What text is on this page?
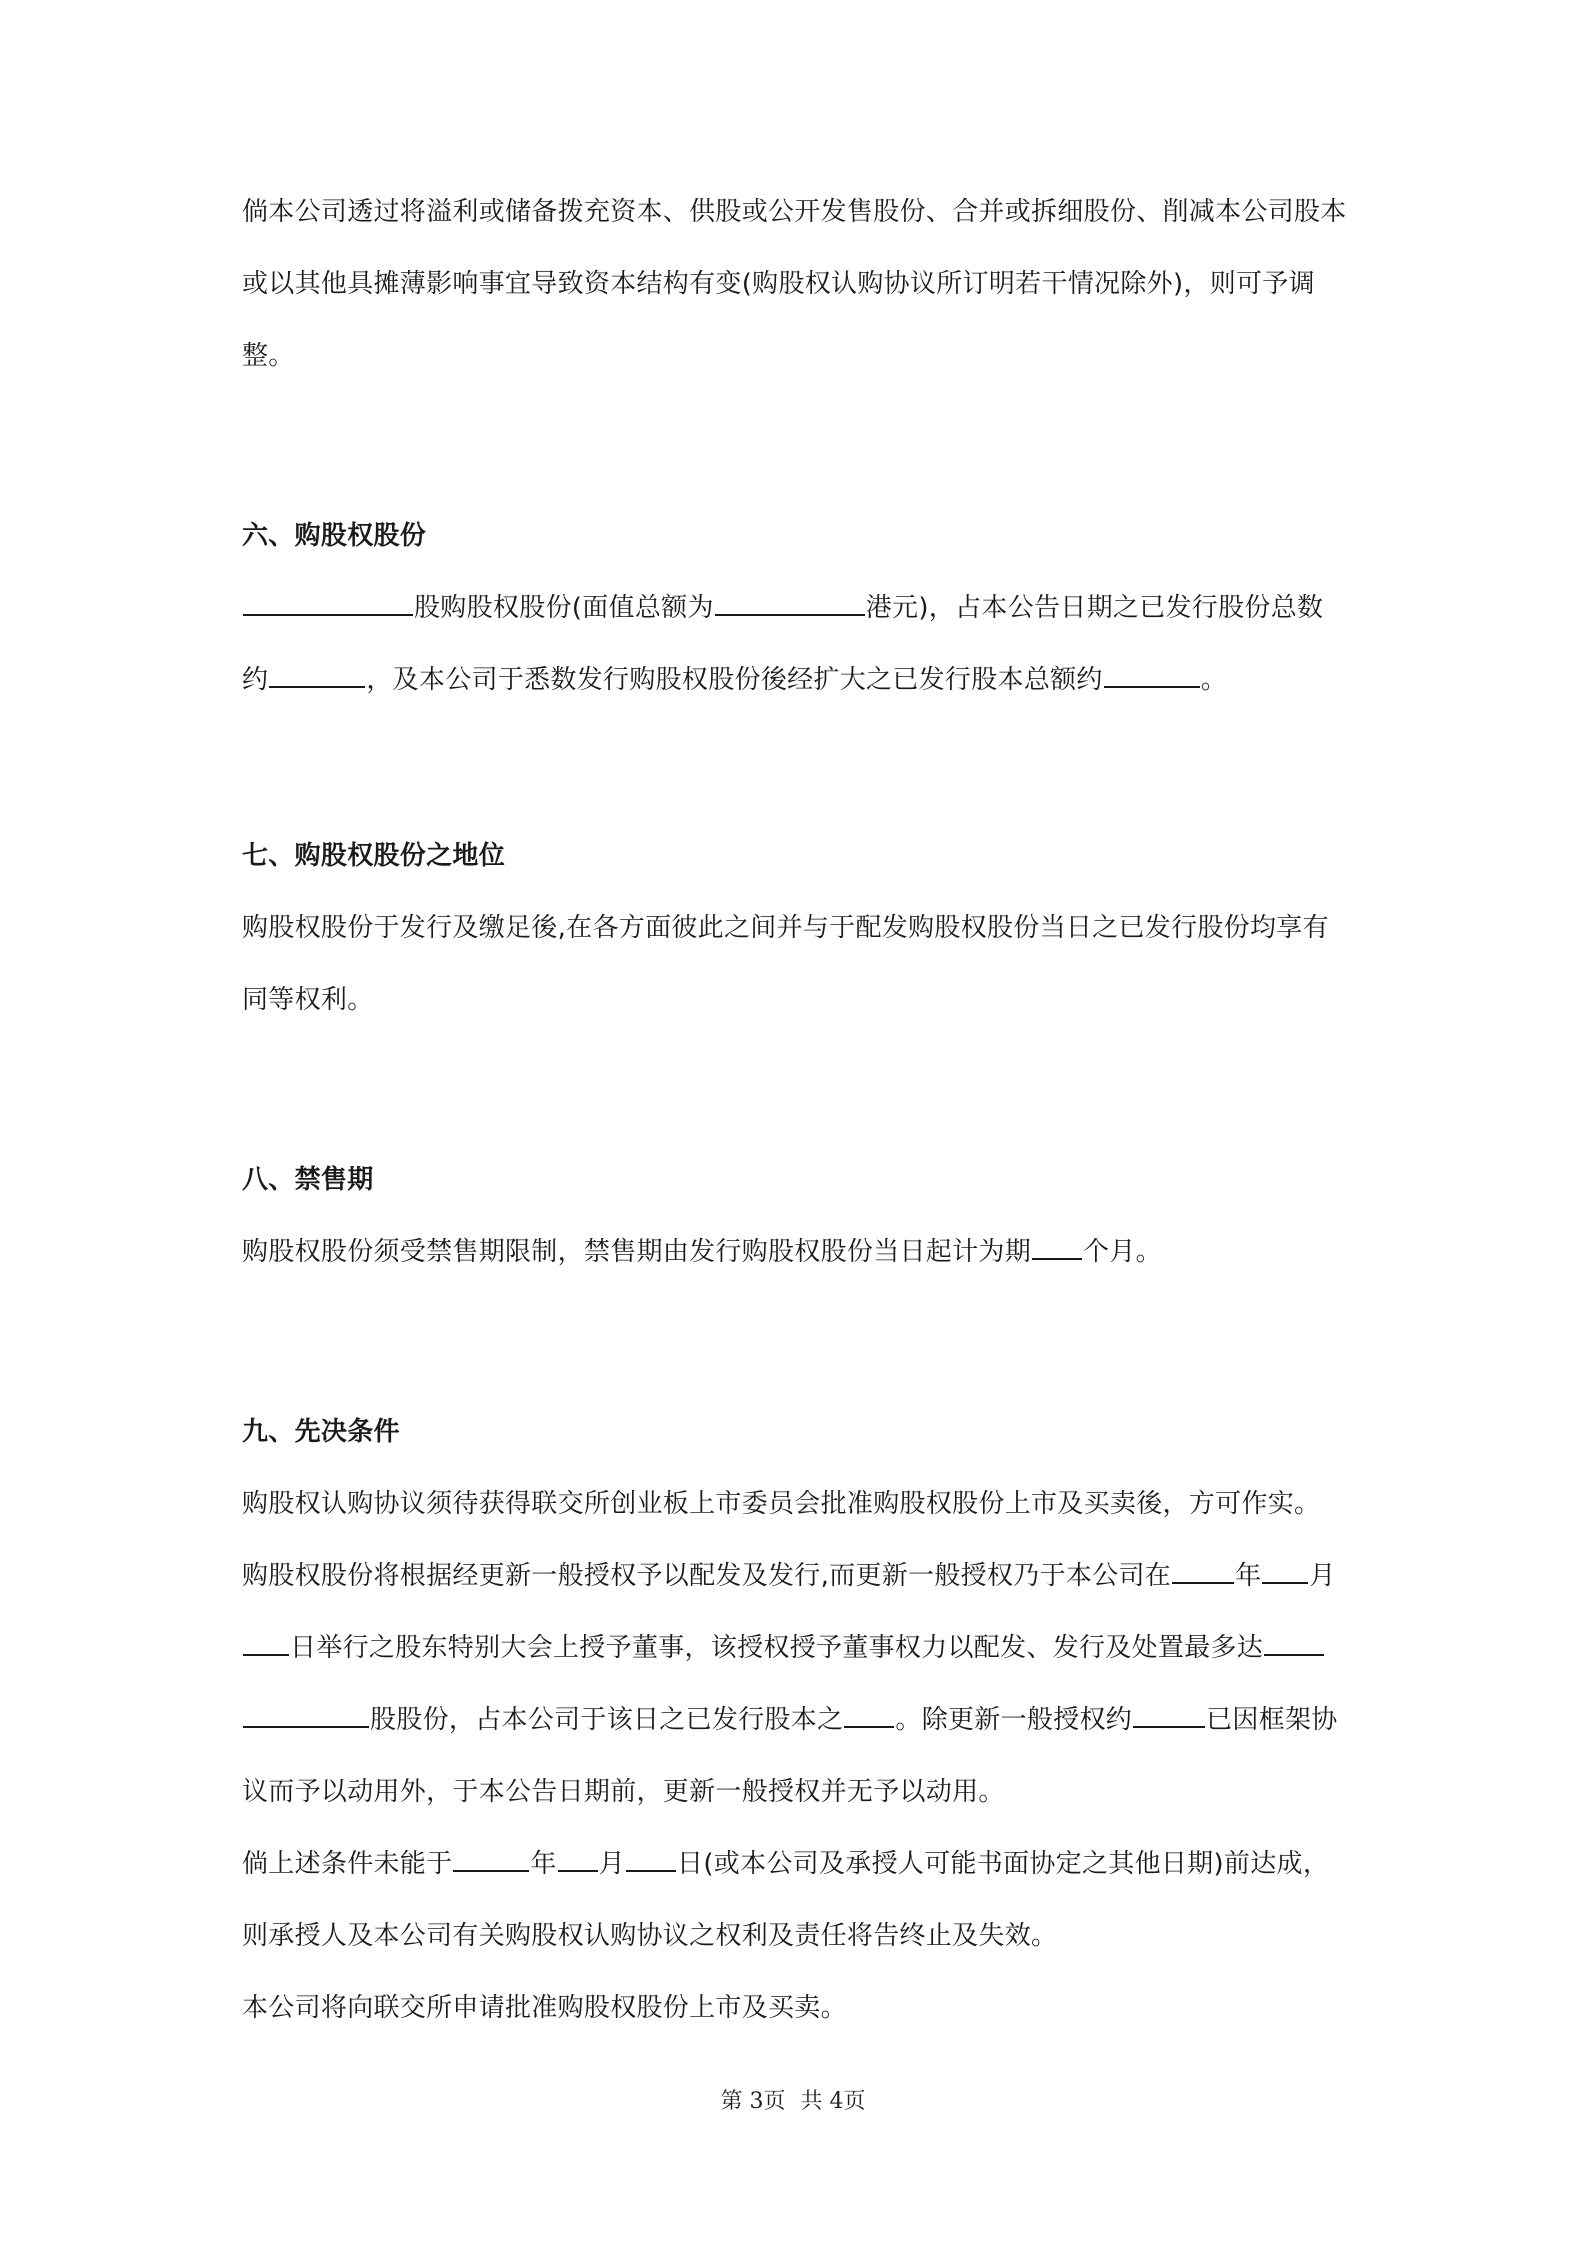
倘本公司透过将溢利或储备拨充资本、供股或公开发售股份、合并或拆细股份、削减本公司股本
或以其他具摊薄影响事宜导致资本结构有变(购股权认购协议所订明若干情况除外)，则可予调
整。
六、购股权股份
股购股权股份(面值总额为	港元)，占本公告日期之已发行股份总数
约	，及本公司于悉数发行购股权股份後经扩大之已发行股本总额约	。
七、购股权股份之地位
购股权股份于发行及缴足後,在各方面彼此之间并与于配发购股权股份当日之已发行股份均享有
同等权利。
八、禁售期
购股权股份须受禁售期限制，禁售期由发行购股权股份当日起计为期 个月。
九、先决条件
购股权认购协议须待获得联交所创业板上市委员会批准购股权股份上市及买卖後，方可作实。
购股权股份将根据经更新一般授权予以配发及发行,而更新一般授权乃于本公司在 年 月
日举行之股东特别大会上授予董事，该授权授予董事权力以配发、发行及处置最多达
股股份，占本公司于该日之已发行股本之 。除更新一般授权约	已因框架协
议而予以动用外，于本公告日期前，更新一般授权并无予以动用。
倘上述条件未能于	年 月 日(或本公司及承授人可能书面协定之其他日期)前达成，
则承授人及本公司有关购股权认购协议之权利及责任将告终止及失效。
本公司将向联交所申请批准购股权股份上市及买卖。
第 3页 共 4页
